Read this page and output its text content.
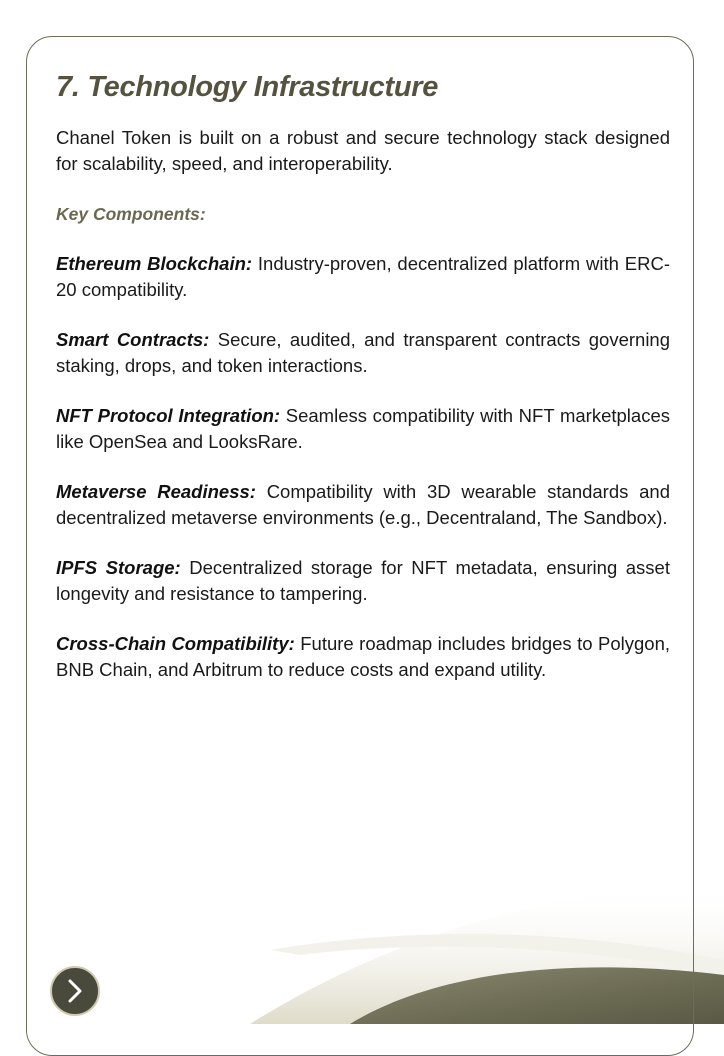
7. Technology Infrastructure

Chanel Token is built on a robust and secure technology stack designed for scalability, speed, and interoperability.

Key Components:

Ethereum Blockchain: Industry-proven, decentralized platform with ERC-20 compatibility.

Smart Contracts: Secure, audited, and transparent contracts governing staking, drops, and token interactions.

NFT Protocol Integration: Seamless compatibility with NFT marketplaces like OpenSea and LooksRare.

Metaverse Readiness: Compatibility with 3D wearable standards and decentralized metaverse environments (e.g., Decentraland, The Sandbox).

IPFS Storage: Decentralized storage for NFT metadata, ensuring asset longevity and resistance to tampering.

Cross-Chain Compatibility: Future roadmap includes bridges to Polygon, BNB Chain, and Arbitrum to reduce costs and expand utility.
